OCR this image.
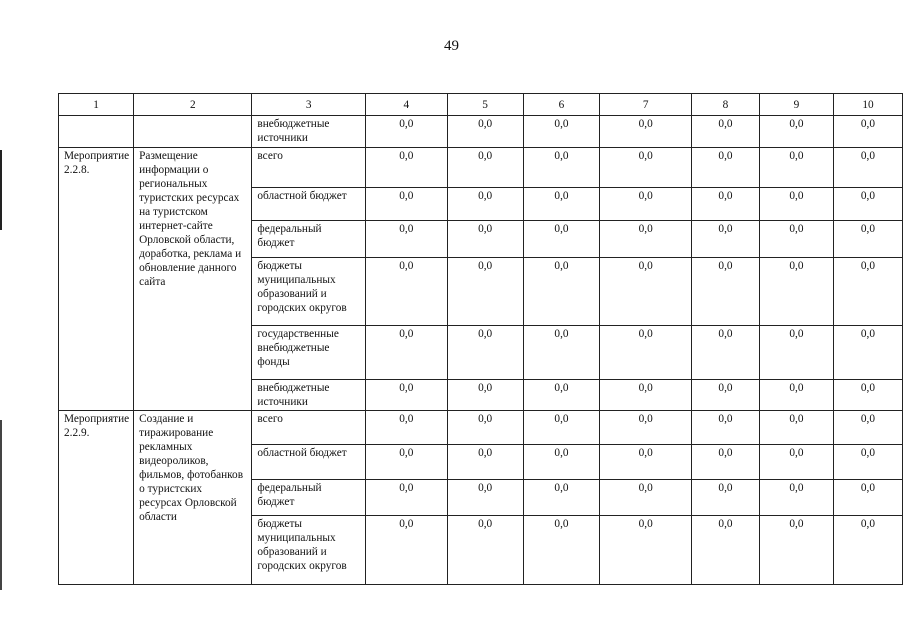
49
1	2	3	4	5	6	7	8	9	10
		внебюджетные источники	0,0	0,0	0,0	0,0	0,0	0,0	0,0
Мероприятие 2.2.8.	Размещение информации о региональных туристских ресурсах на туристском интернет-сайте Орловской области, доработка, реклама и обновление данного сайта	всего	0,0	0,0	0,0	0,0	0,0	0,0	0,0
		областной бюджет	0,0	0,0	0,0	0,0	0,0	0,0	0,0
		федеральный бюджет	0,0	0,0	0,0	0,0	0,0	0,0	0,0
		бюджеты муниципальных образований и городских округов	0,0	0,0	0,0	0,0	0,0	0,0	0,0
		государственные внебюджетные фонды	0,0	0,0	0,0	0,0	0,0	0,0	0,0
		внебюджетные источники	0,0	0,0	0,0	0,0	0,0	0,0	0,0
Мероприятие 2.2.9.	Создание и тиражирование рекламных видеороликов, фильмов, фотобанков о туристских ресурсах Орловской области	всего	0,0	0,0	0,0	0,0	0,0	0,0	0,0
		областной бюджет	0,0	0,0	0,0	0,0	0,0	0,0	0,0
		федеральный бюджет	0,0	0,0	0,0	0,0	0,0	0,0	0,0
		бюджеты муниципальных образований и городских округов	0,0	0,0	0,0	0,0	0,0	0,0	0,0
